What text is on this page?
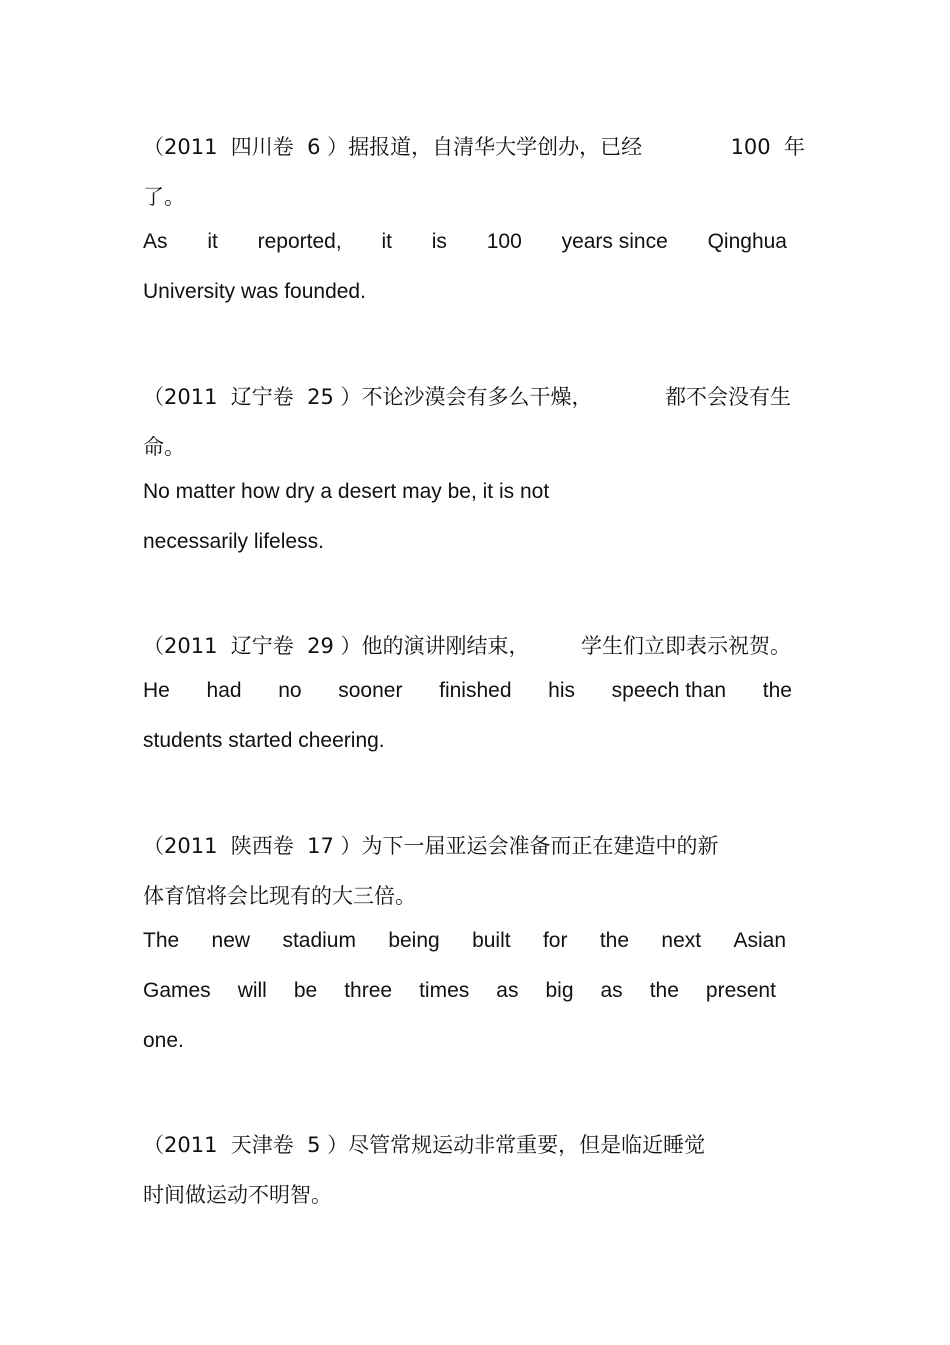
（2011  四川卷  6 ）据报道，自清华大学创办，已经	100  年
了。
As it reported, it is 100 years since Qinghua
University was founded.
（2011  辽宁卷  25 ）不论沙漠会有多么干燥，	都不会没有生
命。
No matter how dry a desert may be, it is not
necessarily lifeless.
（2011  辽宁卷  29 ）他的演讲刚结束， 学生们立即表示祝贺。
He had no sooner finished his speech than the
students started cheering.
（2011  陕西卷  17 ）为下一届亚运会准备而正在建造中的新
体育馆将会比现有的大三倍。
The new stadium being built for the next Asian
Games will be three times as big as the present
one.
（2011  天津卷  5 ）尽管常规运动非常重要，但是临近睡觉
时间做运动不明智。
